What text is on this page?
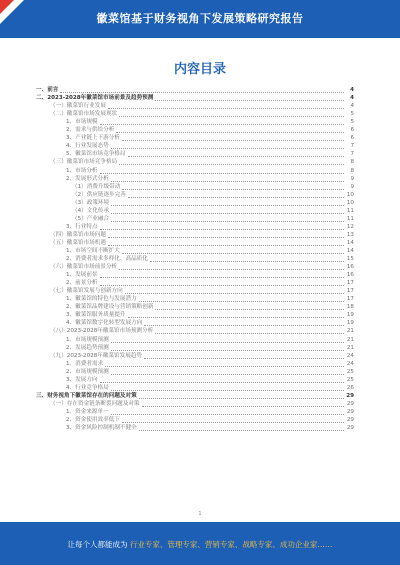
徽菜馆基于财务视角下发展策略研究报告
内容目录
一、前言	4
二、2023-2028年徽菜馆市场前景及趋势预测	4
（一）徽菜馆行业发展	4
（二）徽菜馆市场发展现状	5
1、市场规模	5
2、需求与供给分析	6
3、产业链上下游分析	6
4、行业发展态势	7
5、徽菜馆市场竞争格局	7
（三）徽菜馆市场竞争格局	8
1、市场分析	8
2、发展形式分析	9
（1）消费升级带动	9
（2）供应链逐步完善	10
（3）政策环境	10
（4）文化传承	11
（5）产业融合	11
3、行业特点	12
（四）徽菜馆市场问题	13
（五）徽菜馆市场机遇	14
1、市场空间不断扩大	14
2、消费者需求多样化、高品质化	15
（六）徽菜馆市场前景分析	16
1、发展前景	16
2、前景分析	17
（七）徽菜馆发展与创新方向	17
1、徽菜馆的特色与发展潜力	17
2、徽菜馆品牌建设与营销策略创新	18
3、徽菜馆服务质量提升	19
4、徽菜馆数字化转型发展方向	19
（八）2023-2028年徽菜馆市场预测分析	21
1、市场规模预测	21
2、发展趋势预测	21
（九）2023-2028年徽菜馆发展趋势	24
1、消费者需求	24
2、市场规模预测	25
3、发展方向	25
4、行业竞争格局	26
三、财务视角下徽菜馆存在的问题及对策	29
（一）存在资金链条断裂问题及对策	29
1、资金来源单一	29
2、资金使用效率低下	29
3、资金风险控制机制不健全	29
1
让每个人都能成为 行业专家、管理专家、营销专家、战略专家、成功企业家……
